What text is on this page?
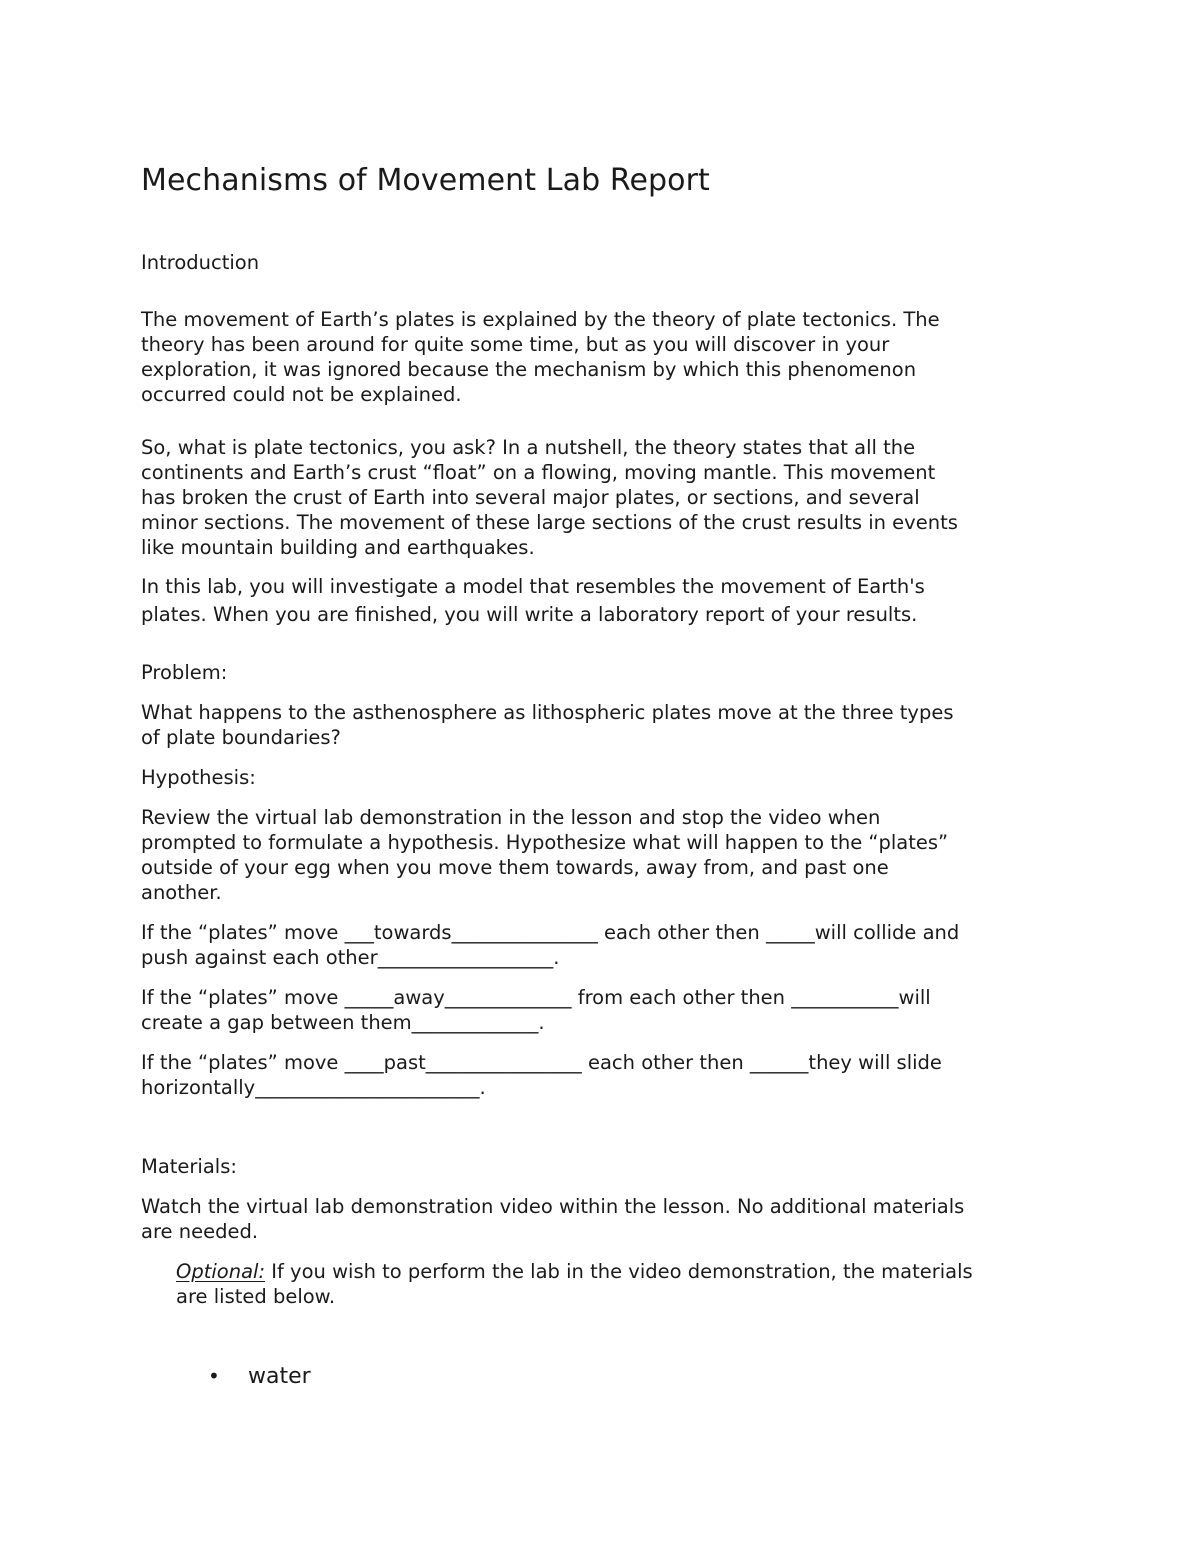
Mechanisms of Movement Lab Report
Introduction
The movement of Earth’s plates is explained by the theory of plate tectonics. The
theory has been around for quite some time, but as you will discover in your
exploration, it was ignored because the mechanism by which this phenomenon
occurred could not be explained.
So, what is plate tectonics, you ask? In a nutshell, the theory states that all the
continents and Earth’s crust “float” on a flowing, moving mantle. This movement
has broken the crust of Earth into several major plates, or sections, and several
minor sections. The movement of these large sections of the crust results in events
like mountain building and earthquakes.
In this lab, you will investigate a model that resembles the movement of Earth's
plates. When you are finished, you will write a laboratory report of your results.
Problem:
What happens to the asthenosphere as lithospheric plates move at the three types
of plate boundaries?
Hypothesis:
Review the virtual lab demonstration in the lesson and stop the video when
prompted to formulate a hypothesis. Hypothesize what will happen to the “plates”
outside of your egg when you move them towards, away from, and past one
another.
If the “plates” move ___towards_______________ each other then _____will collide and
push against each other__________________.
If the “plates” move _____away_____________ from each other then ___________will
create a gap between them_____________.
If the “plates” move ____past________________ each other then ______they will slide
horizontally_______________________.
Materials:
Watch the virtual lab demonstration video within the lesson. No additional materials
are needed.
Optional: If you wish to perform the lab in the video demonstration, the materials
are listed below.
• water
